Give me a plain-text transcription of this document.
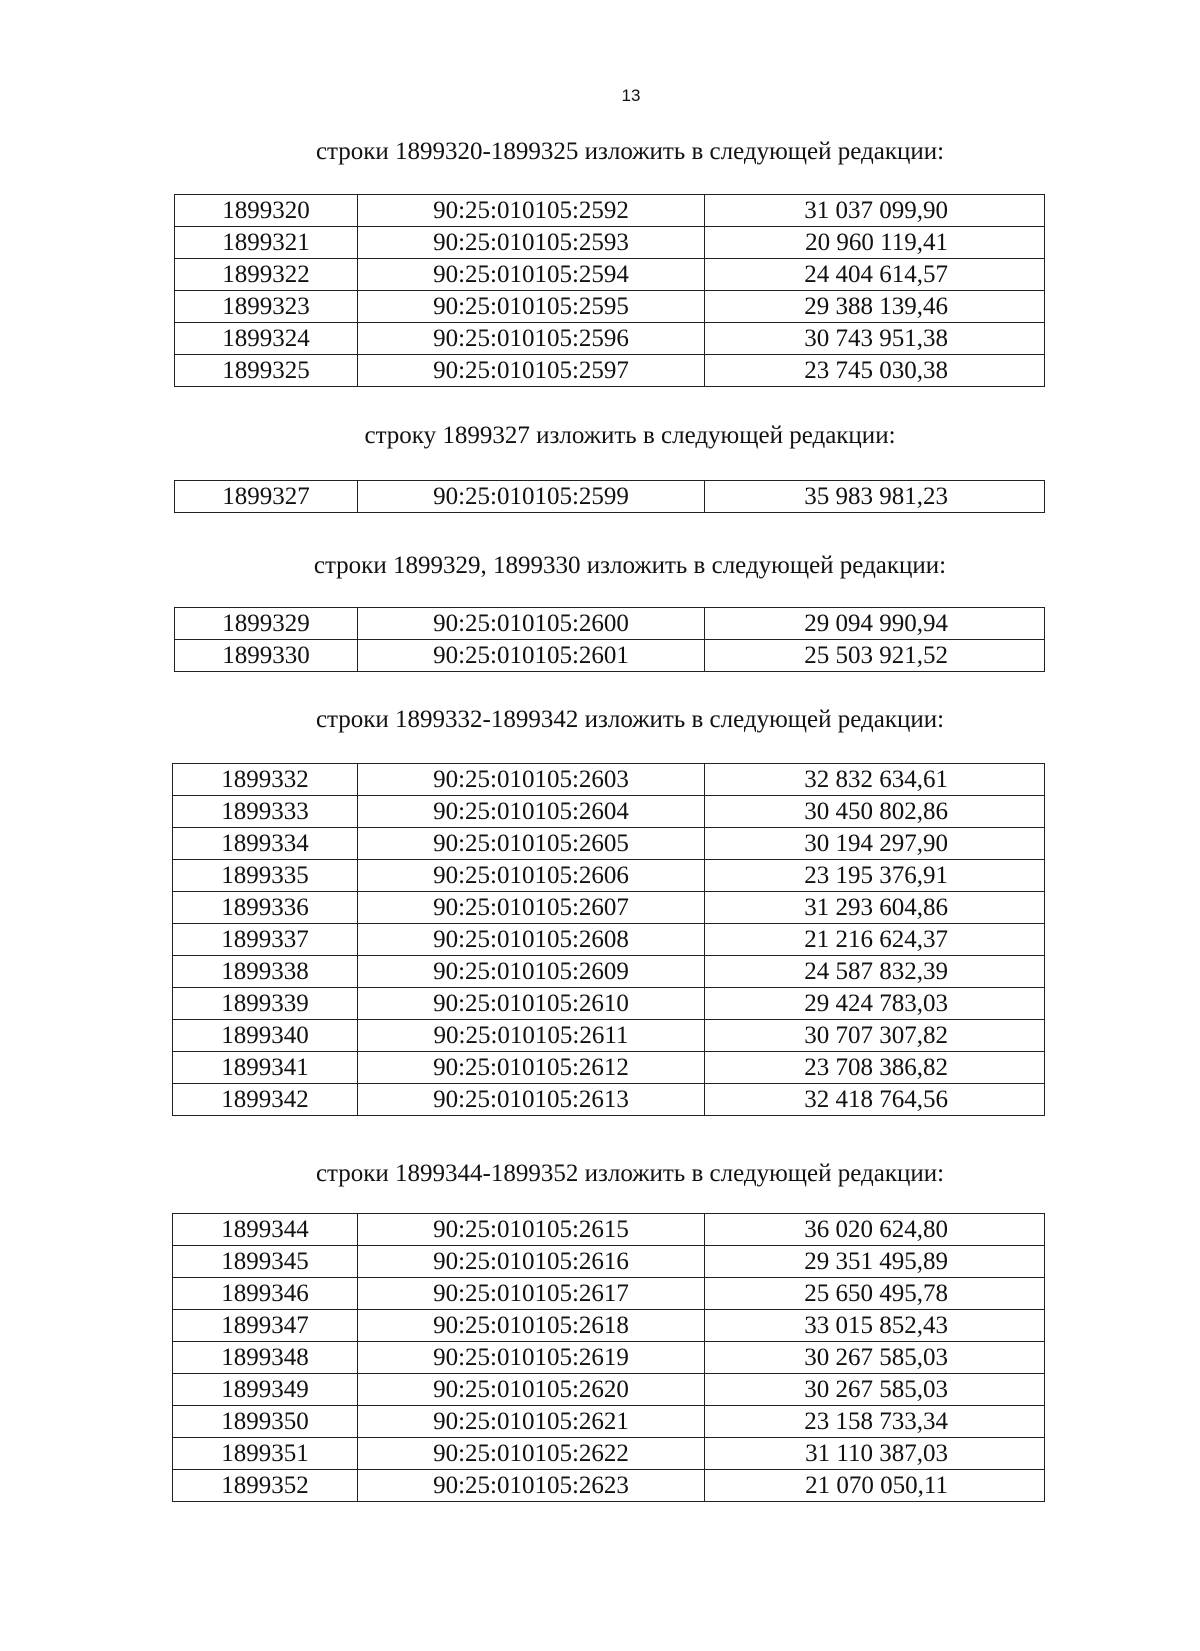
13
строки 1899320-1899325 изложить в следующей редакции:
1899320	90:25:010105:2592	31 037 099,90
1899321	90:25:010105:2593	20 960 119,41
1899322	90:25:010105:2594	24 404 614,57
1899323	90:25:010105:2595	29 388 139,46
1899324	90:25:010105:2596	30 743 951,38
1899325	90:25:010105:2597	23 745 030,38
строку 1899327 изложить в следующей редакции:
1899327	90:25:010105:2599	35 983 981,23
строки 1899329, 1899330 изложить в следующей редакции:
1899329	90:25:010105:2600	29 094 990,94
1899330	90:25:010105:2601	25 503 921,52
строки 1899332-1899342 изложить в следующей редакции:
1899332	90:25:010105:2603	32 832 634,61
1899333	90:25:010105:2604	30 450 802,86
1899334	90:25:010105:2605	30 194 297,90
1899335	90:25:010105:2606	23 195 376,91
1899336	90:25:010105:2607	31 293 604,86
1899337	90:25:010105:2608	21 216 624,37
1899338	90:25:010105:2609	24 587 832,39
1899339	90:25:010105:2610	29 424 783,03
1899340	90:25:010105:2611	30 707 307,82
1899341	90:25:010105:2612	23 708 386,82
1899342	90:25:010105:2613	32 418 764,56
строки 1899344-1899352 изложить в следующей редакции:
1899344	90:25:010105:2615	36 020 624,80
1899345	90:25:010105:2616	29 351 495,89
1899346	90:25:010105:2617	25 650 495,78
1899347	90:25:010105:2618	33 015 852,43
1899348	90:25:010105:2619	30 267 585,03
1899349	90:25:010105:2620	30 267 585,03
1899350	90:25:010105:2621	23 158 733,34
1899351	90:25:010105:2622	31 110 387,03
1899352	90:25:010105:2623	21 070 050,11
